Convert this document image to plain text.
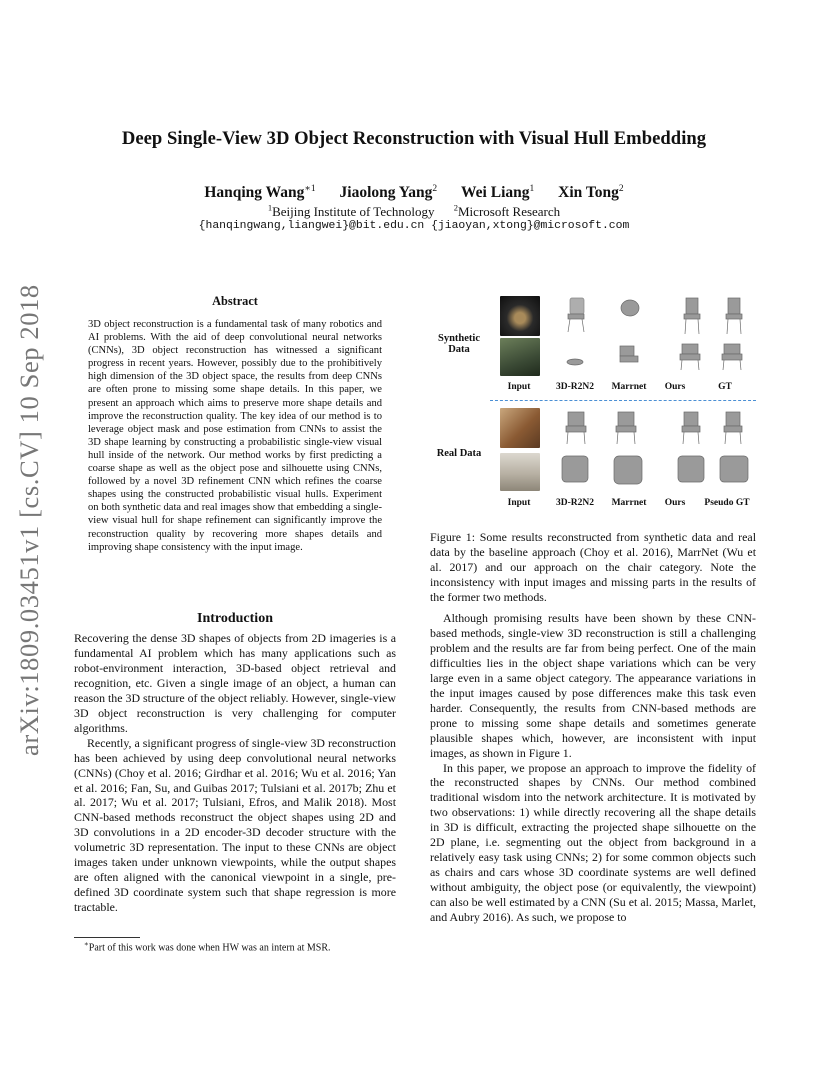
Deep Single-View 3D Object Reconstruction with Visual Hull Embedding
Hanqing Wang$^{∗1}$ Jiaolong Yang$^2$ Wei Liang$^1$ Xin Tong$^2$
$^1$Beijing Institute of Technology $^2$Microsoft Research
{hanqingwang,liangwei}@bit.edu.cn {jiaoyan,xtong}@microsoft.com
arXiv:1809.03451v1 [cs.CV] 10 Sep 2018	Abstract
3D object reconstruction is a fundamental task of many robotics and AI problems. With the aid of deep convolutional neural networks (CNNs), 3D object reconstruction has witnessed a significant progress in recent years. However, possibly due to the prohibitively high dimension of the 3D object space, the results from deep CNNs are often prone to missing some shape details. In this paper, we present an approach which aims to preserve more shape details and improve the reconstruction quality. The key idea of our method is to leverage object mask and pose estimation from CNNs to assist the 3D shape learning by constructing a probabilistic single-view visual hull inside of the network. Our method works by first predicting a coarse shape as well as the object pose and silhouette using CNNs, followed by a novel 3D refinement CNN which refines the coarse shapes using the constructed probabilistic visual hulls. Experiment on both synthetic data and real images show that embedding a single-view visual hull for shape refinement can significantly improve the reconstruction quality by recovering more shapes details and improving shape consistency with the input image.
Introduction

Recovering the dense 3D shapes of objects from 2D imageries is a fundamental AI problem which has many applications such as robot-environment interaction, 3D-based object retrieval and recognition, etc. Given a single image of an object, a human can reason the 3D structure of the object reliably. However, single-view 3D object reconstruction is very challenging for computer algorithms.

Recently, a significant progress of single-view 3D reconstruction has been achieved by using deep convolutional neural networks (CNNs) (Choy et al. 2016; Girdhar et al. 2016; Wu et al. 2016; Yan et al. 2016; Fan, Su, and Guibas 2017; Tulsiani et al. 2017b; Zhu et al. 2017; Wu et al. 2017; Tulsiani, Efros, and Malik 2018). Most CNN-based methods reconstruct the object shapes using 2D and 3D convolutions in a 2D encoder-3D decoder structure with the volumetric 3D representation. The input to these CNNs are object images taken under unknown viewpoints, while the output shapes are often aligned with the canonical viewpoint in a single, pre-defined 3D coordinate system such that shape regression is more tractable.

∗Part of this work was done when HW was an intern at MSR.
Synthetic
Data
Real Data
Input	3D-R2N2	Marrnet	Ours	GT
Input	3D-R2N2	Marrnet	Ours	Pseudo GT

Figure 1: Some results reconstructed from synthetic data and real data by the baseline approach (Choy et al. 2016), MarrNet (Wu et al. 2017) and our approach on the chair category. Note the inconsistency with input images and missing parts in the results of the former two methods.

Although promising results have been shown by these CNN-based methods, single-view 3D reconstruction is still a challenging problem and the results are far from being perfect. One of the main difficulties lies in the object shape variations which can be very large even in a same object category. The appearance variations in the input images caused by pose differences make this task even harder. Consequently, the results from CNN-based methods are prone to missing some shape details and sometimes generate plausible shapes which, however, are inconsistent with input images, as shown in Figure 1.

In this paper, we propose an approach to improve the fidelity of the reconstructed shapes by CNNs. Our method combined traditional wisdom into the network architecture. It is motivated by two observations: 1) while directly recovering all the shape details in 3D is difficult, extracting the projected shape silhouette on the 2D plane, i.e. segmenting out the object from background in a relatively easy task using CNNs; 2) for some common objects such as chairs and cars whose 3D coordinate systems are well defined without ambiguity, the object pose (or equivalently, the viewpoint) can also be well estimated by a CNN (Su et al. 2015; Massa, Marlet, and Aubry 2016). As such, we propose to
